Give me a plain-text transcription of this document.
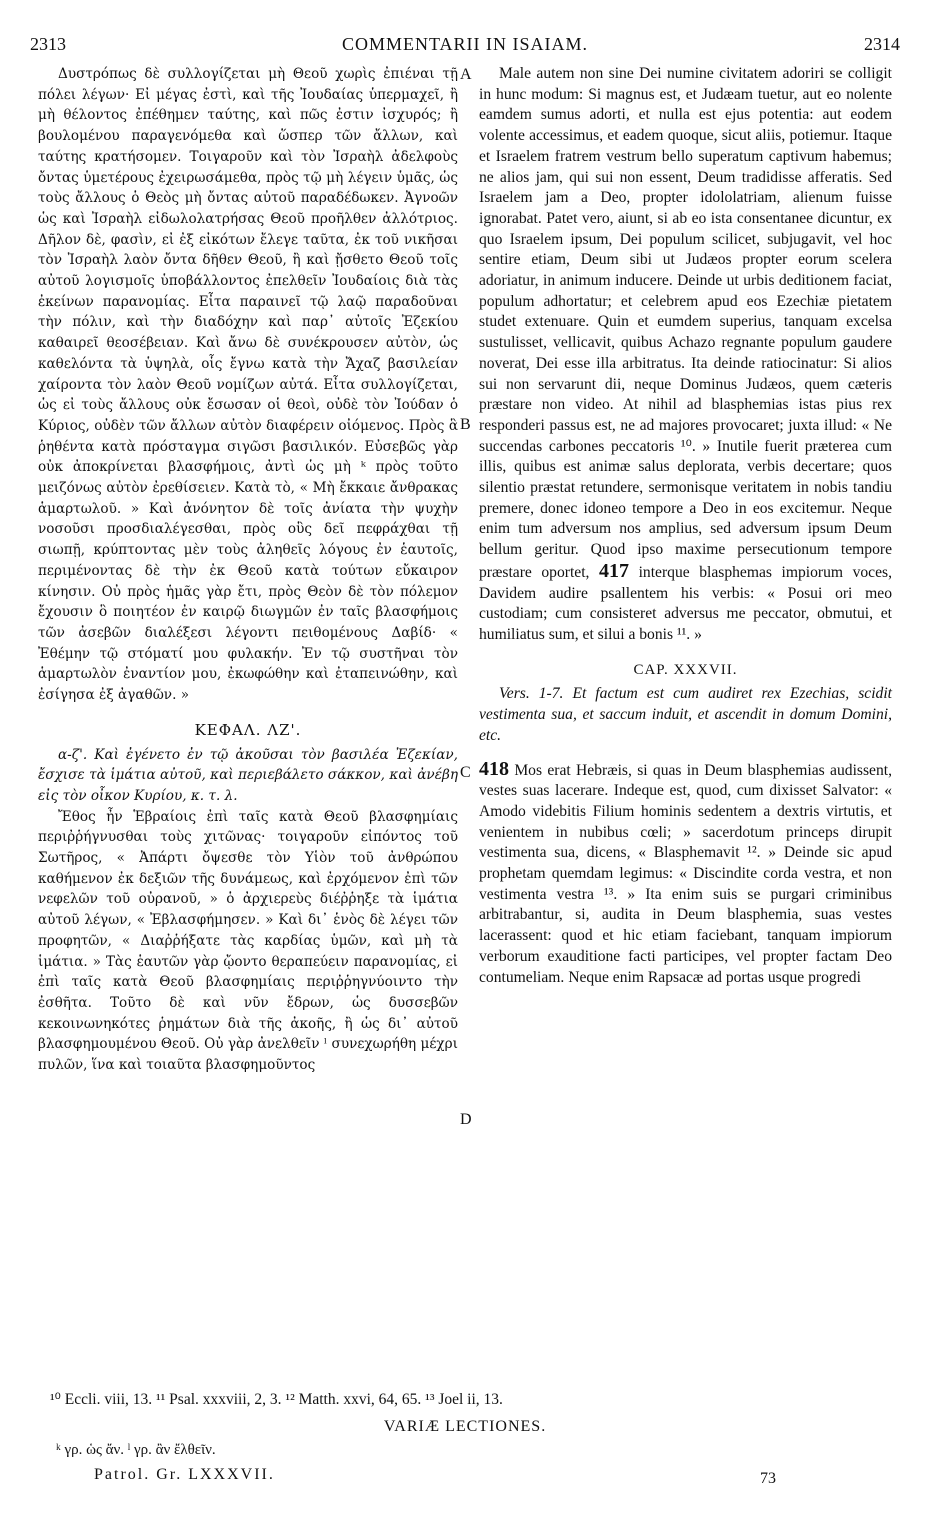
2313	COMMENTARII IN ISAIAM.	2314

Δυστρόπως δὲ συλλογίζεται μὴ Θεοῦ χωρὶς ἐπιέναι τῇ πόλει λέγων· Εἰ μέγας ἐστὶ, καὶ τῆς Ἰουδαίας ὑπερμαχεῖ, ἢ μὴ θέλοντος ἐπέθημεν ταύτης, καὶ πῶς ἐστιν ἰσχυρός; ἢ βουλομένου παραγενόμεθα καὶ ὥσπερ τῶν ἄλλων, καὶ ταύτης κρατήσομεν. Τοιγαροῦν καὶ τὸν Ἰσραὴλ ἀδελφοὺς ὄντας ὑμετέρους ἐχειρωσάμεθα, πρὸς τῷ μὴ λέγειν ὑμᾶς, ὡς τοὺς ἄλλους ὁ Θεὸς μὴ ὄντας αὐτοῦ παραδέδωκεν. Ἀγνοῶν ὡς καὶ Ἰσραὴλ εἰδωλολατρήσας Θεοῦ προῆλθεν ἀλλότριος. Δῆλον δὲ, φασὶν, εἰ ἐξ εἰκότων ἔλεγε ταῦτα, ἐκ τοῦ νικῆσαι τὸν Ἰσραὴλ λαὸν ὄντα δῆθεν Θεοῦ, ἢ καὶ ᾔσθετο Θεοῦ τοῖς αὐτοῦ λογισμοῖς ὑποβάλλοντος ἐπελθεῖν Ἰουδαίοις διὰ τὰς ἐκείνων παρανομίας. Εἶτα παραινεῖ τῷ λαῷ παραδοῦναι τὴν πόλιν, καὶ τὴν διαδόχην καὶ παρ᾽ αὐτοῖς Ἐζεκίου καθαιρεῖ θεοσέβειαν. Καὶ ἄνω δὲ συνέκρουσεν αὐτὸν, ὡς καθελόντα τὰ ὑψηλὰ, οἷς ἔγνω κατὰ τὴν Ἄχαζ βασιλείαν χαίροντα τὸν λαὸν Θεοῦ νομίζων αὐτά. Εἶτα συλλογίζεται, ὡς εἰ τοὺς ἄλλους οὐκ ἔσωσαν οἱ θεοὶ, οὐδὲ τὸν Ἰούδαν ὁ Κύριος, οὐδὲν τῶν ἄλλων αὐτὸν διαφέρειν οἰόμενος. Πρὸς ἃ ῥηθέντα κατὰ πρόσταγμα σιγῶσι βασιλικόν. Εὐσεβῶς γὰρ οὐκ ἀποκρίνεται βλασφήμοις, ἀντὶ ὡς μὴ ᵏ πρὸς τοῦτο μειζόνως αὐτὸν ἐρεθίσειεν. Κατὰ τὸ, « Μὴ ἔκκαιε ἄνθρακας ἁμαρτωλοῦ. » Καὶ ἀνόνητον δὲ τοῖς ἀνίατα τὴν ψυχὴν νοσοῦσι προσδιαλέγεσθαι, πρὸς οὓς δεῖ πεφράχθαι τῇ σιωπῇ, κρύπτοντας μὲν τοὺς ἀληθεῖς λόγους ἐν ἑαυτοῖς, περιμένοντας δὲ τὴν ἐκ Θεοῦ κατὰ τούτων εὔκαιρον κίνησιν. Οὐ πρὸς ἡμᾶς γὰρ ἔτι, πρὸς Θεὸν δὲ τὸν πόλεμον ἔχουσιν ὃ ποιητέον ἐν καιρῷ διωγμῶν ἐν ταῖς βλασφήμοις τῶν ἀσεβῶν διαλέξεσι λέγοντι πειθομένους Δαβίδ· « Ἐθέμην τῷ στόματί μου φυλακήν. Ἐν τῷ συστῆναι τὸν ἁμαρτωλὸν ἐναντίον μου, ἐκωφώθην καὶ ἐταπεινώθην, καὶ ἐσίγησα ἐξ ἀγαθῶν. »

ΚΕΦΑΛ. ΛΖ'.

α-ζ'. Καὶ ἐγένετο ἐν τῷ ἀκοῦσαι τὸν βασιλέα Ἐζεκίαν, ἔσχισε τὰ ἱμάτια αὐτοῦ, καὶ περιεβάλετο σάκκον, καὶ ἀνέβη εἰς τὸν οἶκον Κυρίου, κ. τ. λ.

Ἔθος ἦν Ἑβραίοις ἐπὶ ταῖς κατὰ Θεοῦ βλασφημίαις περιῤῥήγνυσθαι τοὺς χιτῶνας· τοιγαροῦν εἰπόντος τοῦ Σωτῆρος, « Ἀπάρτι ὄψεσθε τὸν Υἱὸν τοῦ ἀνθρώπου καθήμενον ἐκ δεξιῶν τῆς δυνάμεως, καὶ ἐρχόμενον ἐπὶ τῶν νεφελῶν τοῦ οὐρανοῦ, » ὁ ἀρχιερεὺς διέῤῥηξε τὰ ἱμάτια αὐτοῦ λέγων, « Ἐβλασφήμησεν. » Καὶ δι᾽ ἑνὸς δὲ λέγει τῶν προφητῶν, « Διαῤῥήξατε τὰς καρδίας ὑμῶν, καὶ μὴ τὰ ἱμάτια. » Τὰς ἑαυτῶν γὰρ ᾤοντο θεραπεύειν παρανομίας, εἰ ἐπὶ ταῖς κατὰ Θεοῦ βλασφημίαις περιῤῥηγνύοιντο τὴν ἐσθῆτα. Τοῦτο δὲ καὶ νῦν ἔδρων, ὡς δυσσεβῶν κεκοινωνηκότες ῥημάτων διὰ τῆς ἀκοῆς, ἢ ὡς δι᾽ αὐτοῦ βλασφημουμένου Θεοῦ. Οὐ γὰρ ἀνελθεῖν ˡ συνεχωρήθη μέχρι πυλῶν, ἵνα καὶ τοιαῦτα βλασφημοῦντος

A
B
C
D

Male autem non sine Dei numine civitatem adoriri se colligit in hunc modum: Si magnus est, et Judæam tuetur, aut eo nolente eamdem sumus adorti, et nulla est ejus potentia: aut eodem volente accessimus, et eadem quoque, sicut aliis, potiemur. Itaque et Israelem fratrem vestrum bello superatum captivum habemus; ne alios jam, qui sui non essent, Deum tradidisse afferatis. Sed Israelem jam a Deo, propter idololatriam, alienum fuisse ignorabat. Patet vero, aiunt, si ab eo ista consentanee dicuntur, ex quo Israelem ipsum, Dei populum scilicet, subjugavit, vel hoc sentire etiam, Deum sibi ut Judæos propter eorum scelera adoriatur, in animum inducere. Deinde ut urbis deditionem faciat, populum adhortatur; et celebrem apud eos Ezechiæ pietatem studet extenuare. Quin et eumdem superius, tanquam excelsa sustulisset, vellicavit, quibus Achazo regnante populum gaudere noverat, Dei esse illa arbitratus. Ita deinde ratiocinatur: Si alios sui non servarunt dii, neque Dominus Judæos, quem cæteris præstare non video. At nihil ad blasphemias istas pius rex responderi passus est, ne ad majores provocaret; juxta illud: « Ne succendas carbones peccatoris ¹⁰. » Inutile fuerit præterea cum illis, quibus est animæ salus deplorata, verbis decertare; quos silentio præstat retundere, sermonisque veritatem in nobis tandiu premere, donec idoneo tempore a Deo in eos excitemur. Neque enim tum adversum nos amplius, sed adversum ipsum Deum bellum geritur. Quod ipso maxime persecutionum tempore præstare oportet, 417 interque blasphemas impiorum voces, Davidem audire psallentem his verbis: « Posui ori meo custodiam; cum consisteret adversus me peccator, obmutui, et humiliatus sum, et silui a bonis ¹¹. »

CAP. XXXVII.

Vers. 1-7. Et factum est cum audiret rex Ezechias, scidit vestimenta sua, et saccum induit, et ascendit in domum Domini, etc.

418 Mos erat Hebræis, si quas in Deum blasphemias audissent, vestes suas lacerare. Indeque est, quod, cum dixisset Salvator: « Amodo videbitis Filium hominis sedentem a dextris virtutis, et venientem in nubibus cœli; » sacerdotum princeps dirupit vestimenta sua, dicens, « Blasphemavit ¹². » Deinde sic apud prophetam quemdam legimus: « Discindite corda vestra, et non vestimenta vestra ¹³. » Ita enim suis se purgari criminibus arbitrabantur, si, audita in Deum blasphemia, suas vestes lacerassent: quod et hic etiam faciebant, tanquam impiorum verborum exauditione facti participes, vel propter factam Deo contumeliam. Neque enim Rapsacæ ad portas usque progredi

¹⁰ Eccli. viii, 13. ¹¹ Psal. xxxviii, 2, 3. ¹² Matth. xxvi, 64, 65. ¹³ Joel ii, 13.
VARIÆ LECTIONES.
ᵏ γρ. ὡς ἄν. ˡ γρ. ἂν ἔλθεῖν.
Patrol. Gr. LXXXVII.	73
